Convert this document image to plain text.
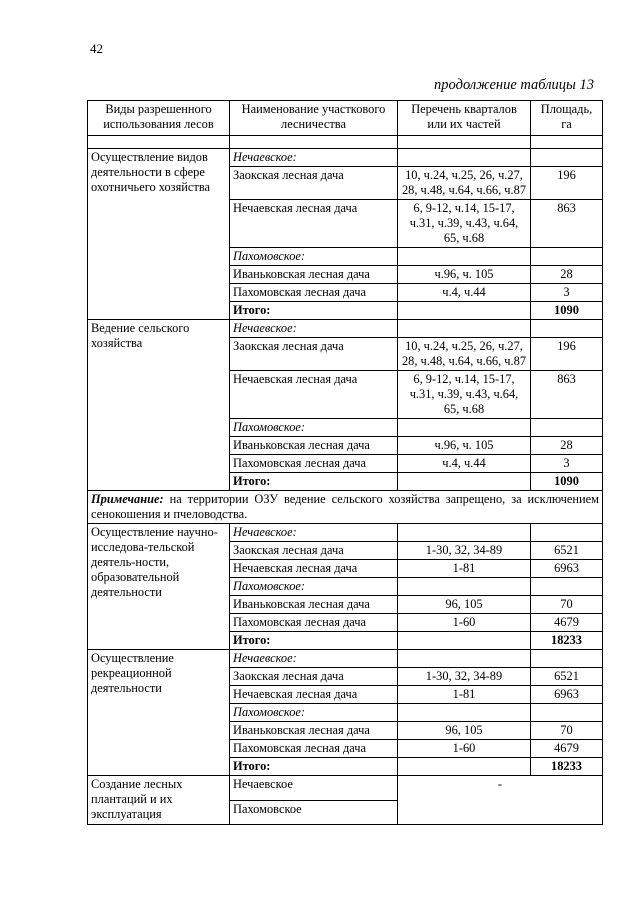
42
продолжение таблицы 13
Виды разрешенного использования лесов	Наименование участкового лесничества	Перечень кварталов или их частей	Площадь, га

Осуществление видов деятельности в сфере охотничьего хозяйства	Нечаевское:		
	Заокская лесная дача	10, ч.24, ч.25, 26, ч.27, 28, ч.48, ч.64, ч.66, ч.87	196
	Нечаевская лесная дача	6, 9-12, ч.14, 15-17, ч.31, ч.39, ч.43, ч.64, 65, ч.68	863
	Пахомовское:		
	Иваньковская лесная дача	ч.96, ч. 105	28
	Пахомовская лесная дача	ч.4, ч.44	3
	Итого:		1090
Ведение сельского хозяйства	Нечаевское:		
	Заокская лесная дача	10, ч.24, ч.25, 26, ч.27, 28, ч.48, ч.64, ч.66, ч.87	196
	Нечаевская лесная дача	6, 9-12, ч.14, 15-17, ч.31, ч.39, ч.43, ч.64, 65, ч.68	863
	Пахомовское:		
	Иваньковская лесная дача	ч.96, ч. 105	28
	Пахомовская лесная дача	ч.4, ч.44	3
	Итого:		1090
Примечание: на территории ОЗУ ведение сельского хозяйства запрещено, за исключением сенокошения и пчеловодства.			
Осуществление научно-исследова-тельской деятель-ности, образовательной деятельности	Нечаевское:		
	Заокская лесная дача	1-30, 32, 34-89	6521
	Нечаевская лесная дача	1-81	6963
	Пахомовское:		
	Иваньковская лесная дача	96, 105	70
	Пахомовская лесная дача	1-60	4679
	Итого:		18233
Осуществление рекреационной деятельности	Нечаевское:		
	Заокская лесная дача	1-30, 32, 34-89	6521
	Нечаевская лесная дача	1-81	6963
	Пахомовское:		
	Иваньковская лесная дача	96, 105	70
	Пахомовская лесная дача	1-60	4679
	Итого:		18233
Создание лесных плантаций и их эксплуатация	Нечаевское	-	
	Пахомовское		
